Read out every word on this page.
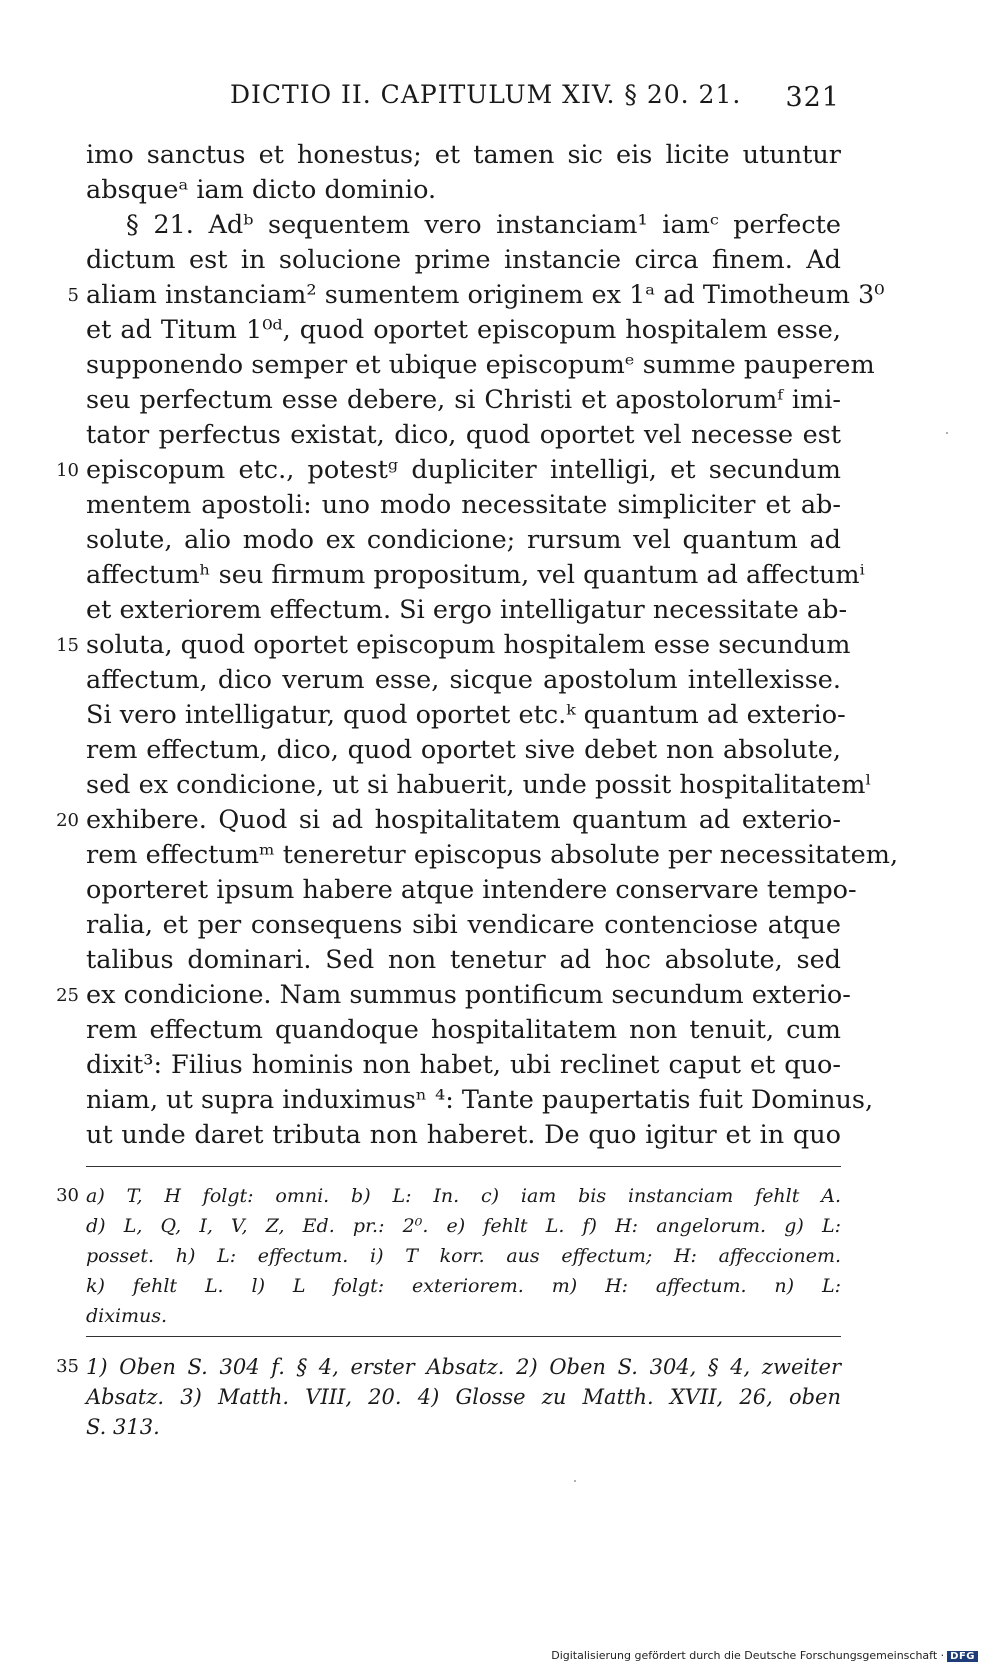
DICTIO II. CAPITULUM XIV. § 20. 21. 321
imo sanctus et honestus; et tamen sic eis licite utuntur
absqueᵃ iam dicto dominio.
§ 21. Adᵇ sequentem vero instanciam¹ iamᶜ perfecte
dictum est in solucione prime instancie circa finem. Ad
5 aliam instanciam² sumentem originem ex 1ᵃ ad Timotheum 3⁰
et ad Titum 1⁰ᵈ, quod oportet episcopum hospitalem esse,
supponendo semper et ubique episcopumᵉ summe pauperem
seu perfectum esse debere, si Christi et apostolorumᶠ imi-
tator perfectus existat, dico, quod oportet vel necesse est
10 episcopum etc., potestᵍ dupliciter intelligi, et secundum
mentem apostoli: uno modo necessitate simpliciter et ab-
solute, alio modo ex condicione; rursum vel quantum ad
affectumʰ seu firmum propositum, vel quantum ad affectumⁱ
et exteriorem effectum. Si ergo intelligatur necessitate ab-
15 soluta, quod oportet episcopum hospitalem esse secundum
affectum, dico verum esse, sicque apostolum intellexisse.
Si vero intelligatur, quod oportet etc.ᵏ quantum ad exterio-
rem effectum, dico, quod oportet sive debet non absolute,
sed ex condicione, ut si habuerit, unde possit hospitalitatemˡ
20 exhibere. Quod si ad hospitalitatem quantum ad exterio-
rem effectumᵐ teneretur episcopus absolute per necessitatem,
oporteret ipsum habere atque intendere conservare tempo-
ralia, et per consequens sibi vendicare contenciose atque
talibus dominari. Sed non tenetur ad hoc absolute, sed
25 ex condicione. Nam summus pontificum secundum exterio-
rem effectum quandoque hospitalitatem non tenuit, cum
dixit³: Filius hominis non habet, ubi reclinet caput et quo-
niam, ut supra induximusⁿ ⁴: Tante paupertatis fuit Dominus,
ut unde daret tributa non haberet. De quo igitur et in quo
30 a) T, H folgt: omni. b) L: In. c) iam bis instanciam fehlt A.
d) L, Q, I, V, Z, Ed. pr.: 2⁰. e) fehlt L. f) H: angelorum. g) L:
posset. h) L: effectum. i) T korr. aus effectum; H: affeccionem.
k) fehlt L. l) L folgt: exteriorem. m) H: affectum. n) L:
diximus.
35 1) Oben S. 304 f. § 4, erster Absatz. 2) Oben S. 304, § 4, zweiter
Absatz. 3) Matth. VIII, 20. 4) Glosse zu Matth. XVII, 26, oben
S. 313.
Digitalisierung gefördert durch die Deutsche Forschungsgemeinschaft · DFG
